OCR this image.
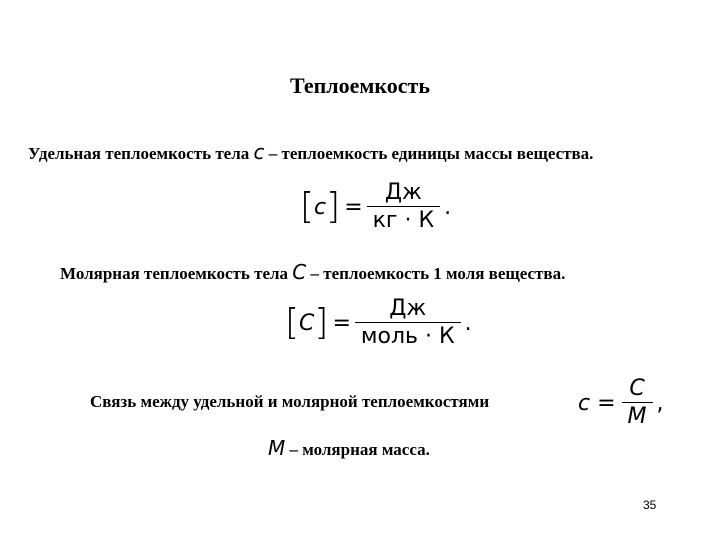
Теплоемкость
Удельная теплоемкость тела c – теплоемкость единицы массы вещества.
[ c ] = $\frac{Дж}{кг \cdot К}$ .
Молярная теплоемкость тела C – теплоемкость 1 моля вещества.
[ C ] = $\frac{Дж}{\text{моль · К}}$ .
Связь между удельной и молярной теплоемкостями	$c = \frac{C}{M}$ ,
M – молярная масса.
35
